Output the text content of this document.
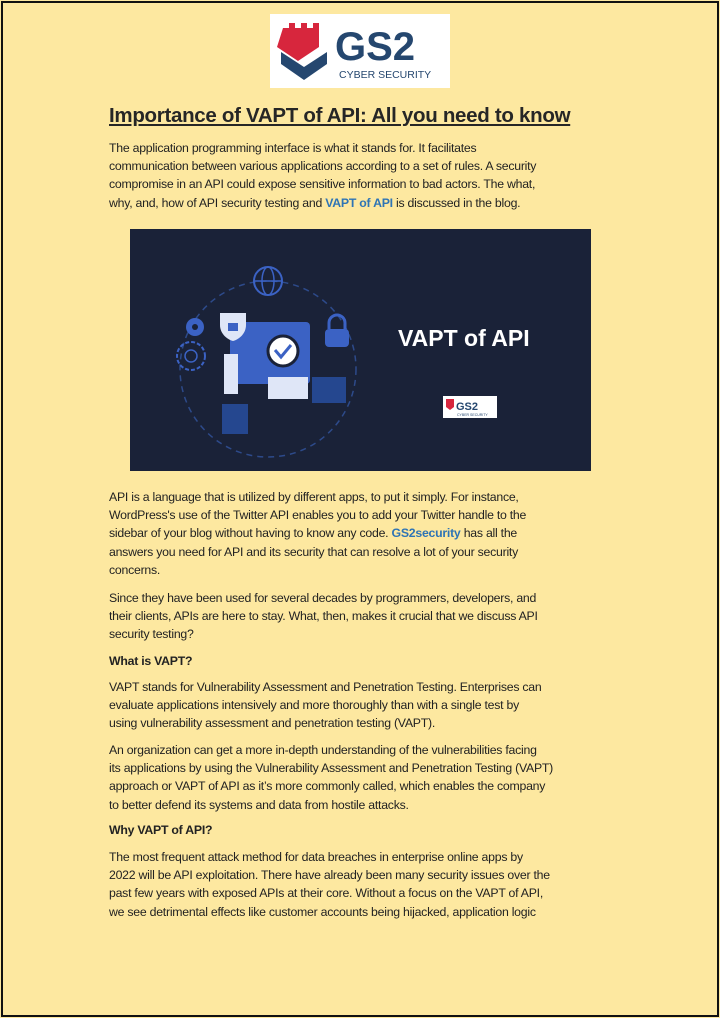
GS2
CYBER SECURITY
Importance of VAPT of API: All you need to know
The application programming interface is what it stands for. It facilitates
communication between various applications according to a set of rules. A security
compromise in an API could expose sensitive information to bad actors. The what,
why, and, how of API security testing and VAPT of API is discussed in the blog.
VAPT of API
GS2
CYBER SECURITY
API is a language that is utilized by different apps, to put it simply. For instance,
WordPress's use of the Twitter API enables you to add your Twitter handle to the
sidebar of your blog without having to know any code. GS2security has all the
answers you need for API and its security that can resolve a lot of your security
concerns.
Since they have been used for several decades by programmers, developers, and
their clients, APIs are here to stay. What, then, makes it crucial that we discuss API
security testing?
What is VAPT?
VAPT stands for Vulnerability Assessment and Penetration Testing. Enterprises can
evaluate applications intensively and more thoroughly than with a single test by
using vulnerability assessment and penetration testing (VAPT).
An organization can get a more in-depth understanding of the vulnerabilities facing
its applications by using the Vulnerability Assessment and Penetration Testing (VAPT)
approach or VAPT of API as it’s more commonly called, which enables the company
to better defend its systems and data from hostile attacks.
Why VAPT of API?
The most frequent attack method for data breaches in enterprise online apps by
2022 will be API exploitation. There have already been many security issues over the
past few years with exposed APIs at their core. Without a focus on the VAPT of API,
we see detrimental effects like customer accounts being hijacked, application logic
